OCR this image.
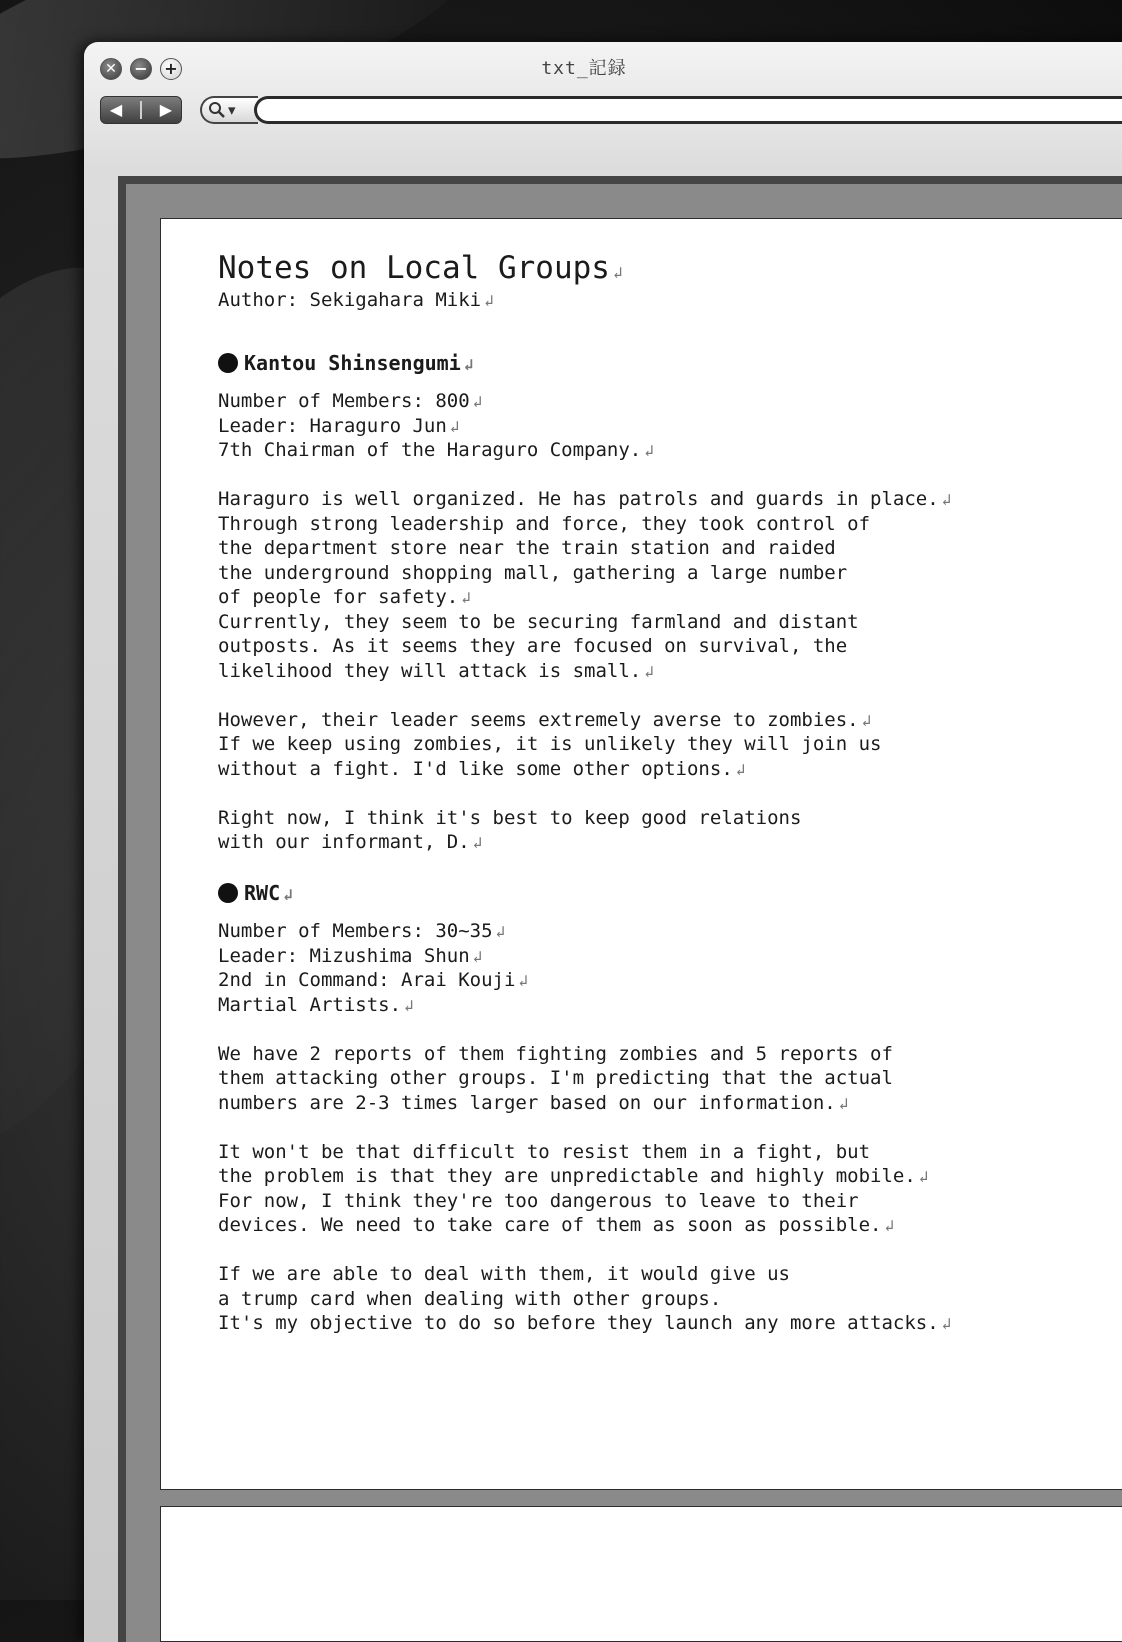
✕ − +	txt_記録
◀ ▶	▾
Notes on Local Groups ↲
Author: Sekigahara Miki ↲
Kantou Shinsengumi ↲
Number of Members: 800 ↲
Leader: Haraguro Jun ↲
7th Chairman of the Haraguro Company. ↲
Haraguro is well organized. He has patrols and guards in place. ↲
Through strong leadership and force, they took control of
the department store near the train station and raided
the underground shopping mall, gathering a large number
of people for safety. ↲
Currently, they seem to be securing farmland and distant
outposts. As it seems they are focused on survival, the
likelihood they will attack is small. ↲
However, their leader seems extremely averse to zombies. ↲
If we keep using zombies, it is unlikely they will join us
without a fight. I'd like some other options. ↲
Right now, I think it's best to keep good relations
with our informant, D. ↲
RWC ↲
Number of Members: 30~35 ↲
Leader: Mizushima Shun ↲
2nd in Command: Arai Kouji ↲
Martial Artists. ↲
We have 2 reports of them fighting zombies and 5 reports of
them attacking other groups. I'm predicting that the actual
numbers are 2-3 times larger based on our information. ↲
It won't be that difficult to resist them in a fight, but
the problem is that they are unpredictable and highly mobile. ↲
For now, I think they're too dangerous to leave to their
devices. We need to take care of them as soon as possible. ↲
If we are able to deal with them, it would give us
a trump card when dealing with other groups.
It's my objective to do so before they launch any more attacks. ↲
